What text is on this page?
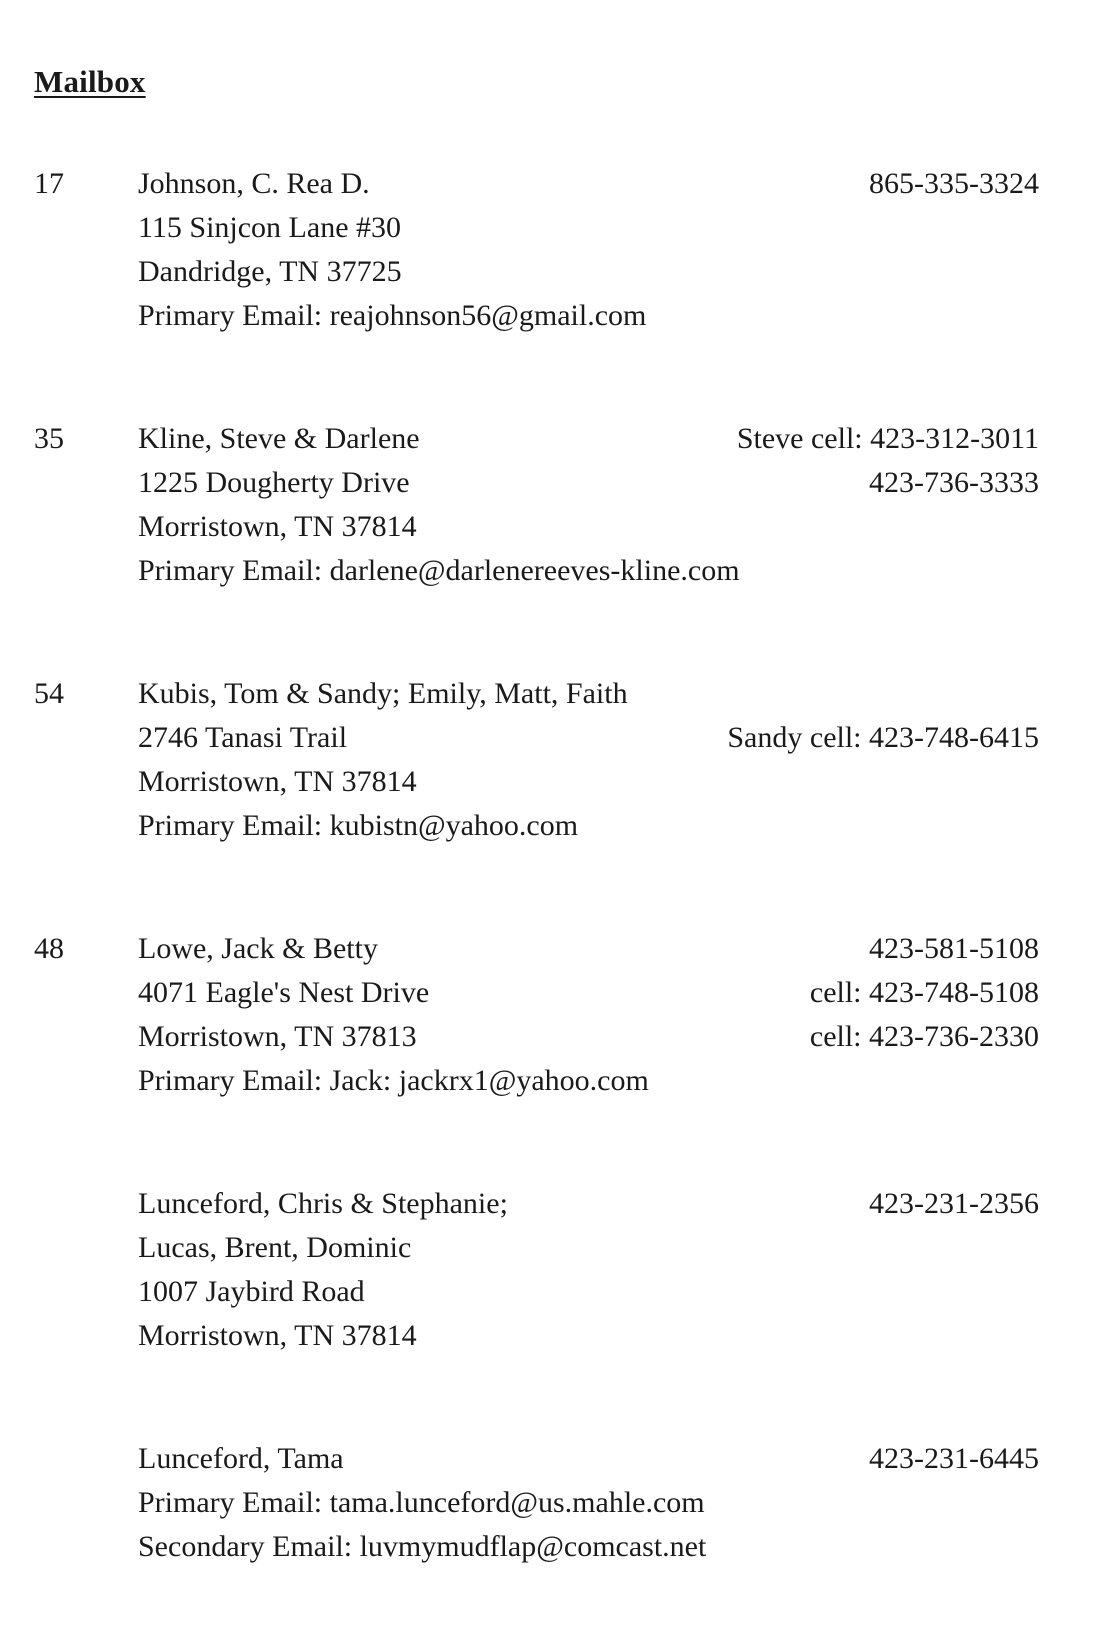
Mailbox
17 Johnson, C. Rea D.
115 Sinjcon Lane #30
Dandridge, TN 37725
Primary Email: reajohnson56@gmail.com
865-335-3324
35 Kline, Steve & Darlene
1225 Dougherty Drive
Morristown, TN 37814
Primary Email: darlene@darlenereeves-kline.com
Steve cell: 423-312-3011
423-736-3333
54 Kubis, Tom & Sandy; Emily, Matt, Faith
2746 Tanasi Trail
Morristown, TN 37814
Primary Email: kubistn@yahoo.com
Sandy cell: 423-748-6415
48 Lowe, Jack & Betty
4071 Eagle's Nest Drive
Morristown, TN 37813
Primary Email: Jack: jackrx1@yahoo.com
423-581-5108
cell: 423-748-5108
cell: 423-736-2330
Lunceford, Chris & Stephanie;
Lucas, Brent, Dominic
1007 Jaybird Road
Morristown, TN 37814
423-231-2356
Lunceford, Tama
Primary Email: tama.lunceford@us.mahle.com
Secondary Email: luvmymudflap@comcast.net
423-231-6445
